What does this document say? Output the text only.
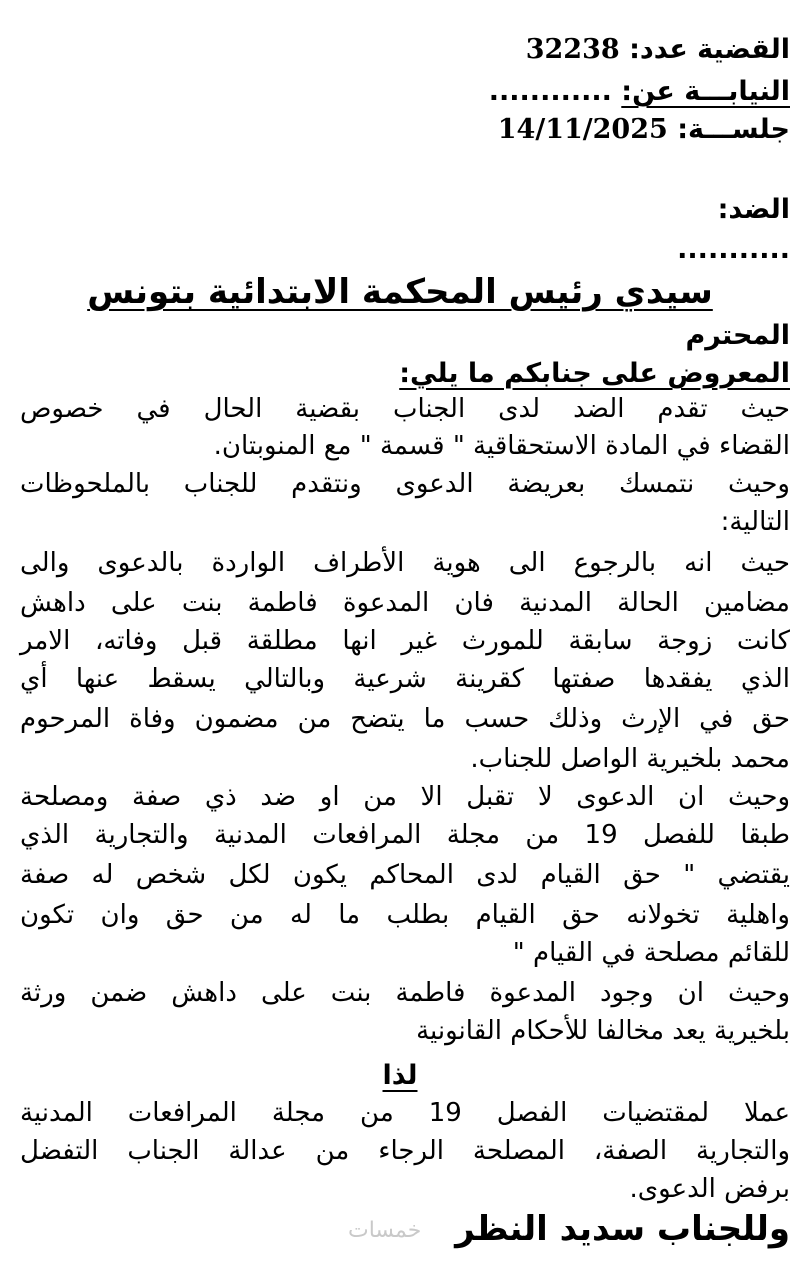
القضية عدد: 32238
النيابـــة عن: ............
جلســـة: 14/11/2025
الضد:
...........
سيدي رئيس المحكمة الابتدائية بتونس
المحترم
المعروض على جنابكم ما يلي:
حيث تقدم الضد لدى الجناب بقضية الحال في خصوص
القضاء في المادة الاستحقاقية " قسمة " مع المنوبتان.
وحيث نتمسك بعريضة الدعوى ونتقدم للجناب بالملحوظات
التالية:
حيث انه بالرجوع الى هوية الأطراف الواردة بالدعوى والى
مضامين الحالة المدنية فان المدعوة فاطمة بنت على داهش
كانت زوجة سابقة للمورث غير انها مطلقة قبل وفاته، الامر
الذي يفقدها صفتها كقرينة شرعية وبالتالي يسقط عنها أي
حق في الإرث وذلك حسب ما يتضح من مضمون وفاة المرحوم
محمد بلخيرية الواصل للجناب.
وحيث ان الدعوى لا تقبل الا من او ضد ذي صفة ومصلحة
طبقا للفصل 19 من مجلة المرافعات المدنية والتجارية الذي
يقتضي " حق القيام لدى المحاكم يكون لكل شخص له صفة
واهلية تخولانه حق القيام بطلب ما له من حق وان تكون
للقائم مصلحة في القيام "
وحيث ان وجود المدعوة فاطمة بنت على داهش ضمن ورثة
بلخيرية يعد مخالفا للأحكام القانونية
لذا
عملا لمقتضيات الفصل 19 من مجلة المرافعات المدنية
والتجارية الصفة، المصلحة الرجاء من عدالة الجناب التفضل
برفض الدعوى.
وللجناب سديد النظر
خمسات
